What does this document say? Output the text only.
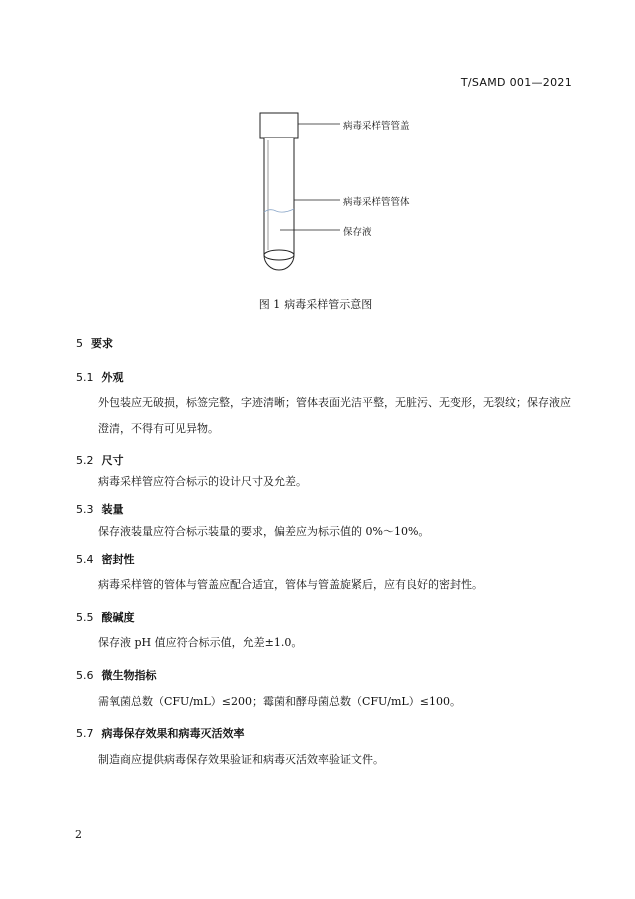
T/SAMD 001—2021
病毒采样管管盖
病毒采样管管体
保存液
图 1 病毒采样管示意图
5 要求
5.1 外观
外包装应无破损，标签完整，字迹清晰；管体表面光洁平整，无脏污、无变形，无裂纹；保存液应澄清，不得有可见异物。
5.2 尺寸
病毒采样管应符合标示的设计尺寸及允差。
5.3 装量
保存液装量应符合标示装量的要求，偏差应为标示值的 0%～10%。
5.4 密封性
病毒采样管的管体与管盖应配合适宜，管体与管盖旋紧后，应有良好的密封性。
5.5 酸碱度
保存液 pH 值应符合标示值，允差±1.0。
5.6 微生物指标
需氧菌总数（CFU/mL）≤200；霉菌和酵母菌总数（CFU/mL）≤100。
5.7 病毒保存效果和病毒灭活效率
制造商应提供病毒保存效果验证和病毒灭活效率验证文件。
2
